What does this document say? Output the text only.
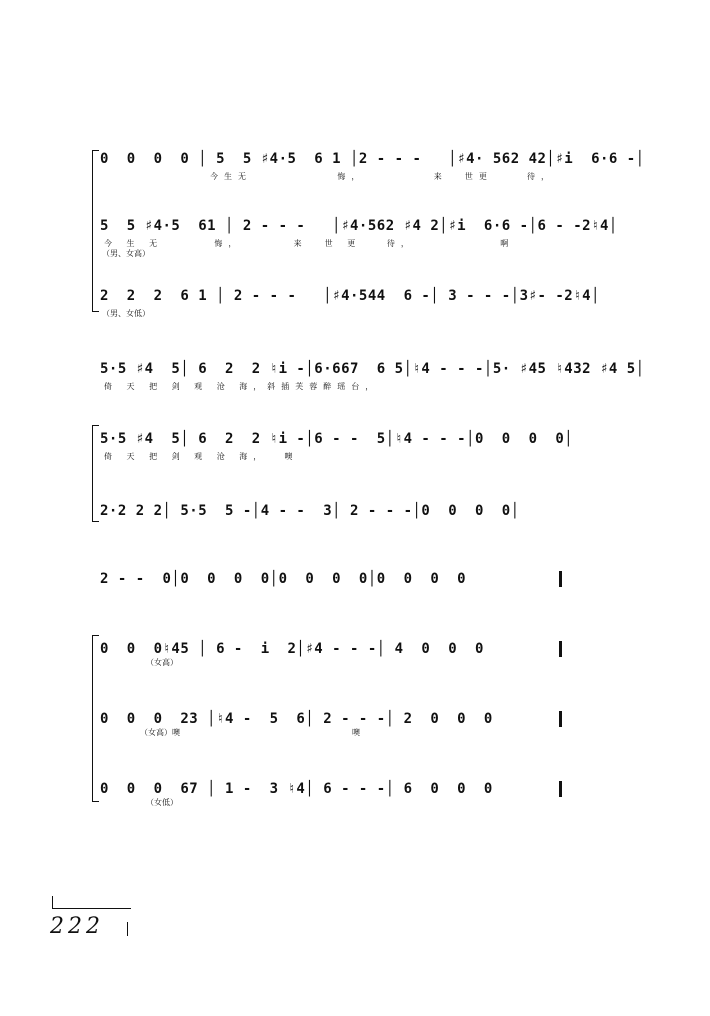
0  0  0  0 │ 5  5 ♯4·5  6 1 │2 - - -   │♯4· 562 42│♯i  6·6 -│
今生无          悔，        来  世更    待，
5  5 ♯4·5  61 │ 2 - - -   │♯4·562 ♯4 2│♯i  6·6 -│6 - -2♮4│
今 生 无      悔，      来  世 更   待，          啊
（男、女高）
2  2  2  6 1 │ 2 - - -   │♯4·544  6 -│ 3 - - -│3♯- -2♮4│
（男、女低）
5·5 ♯4  5│ 6  2  2 ♮i -│6·667  6 5│♮4 - - -│5· ♯45 ♮432 ♯4 5│
倚 天 把 剑 观 沧 海，斜插芙蓉醉瑶台，
5·5 ♯4  5│ 6  2  2 ♮i -│6 - -  5│♮4 - - -│0  0  0  0│
倚 天 把 剑 观 沧 海，  噢
2·2 2 2│ 5·5  5 -│4 - -  3│ 2 - - -│0  0  0  0│
2 - -  0│0  0  0  0│0  0  0  0│0  0  0  0
0  0  0♮45 │ 6 -  i  2│♯4 - - -│ 4  0  0  0
（女高）
0  0  0  23 │♮4 -  5  6│ 2 - - -│ 2  0  0  0
（女高）噢	噢
0  0  0  67 │ 1 -  3 ♮4│ 6 - - -│ 6  0  0  0
（女低）
222
